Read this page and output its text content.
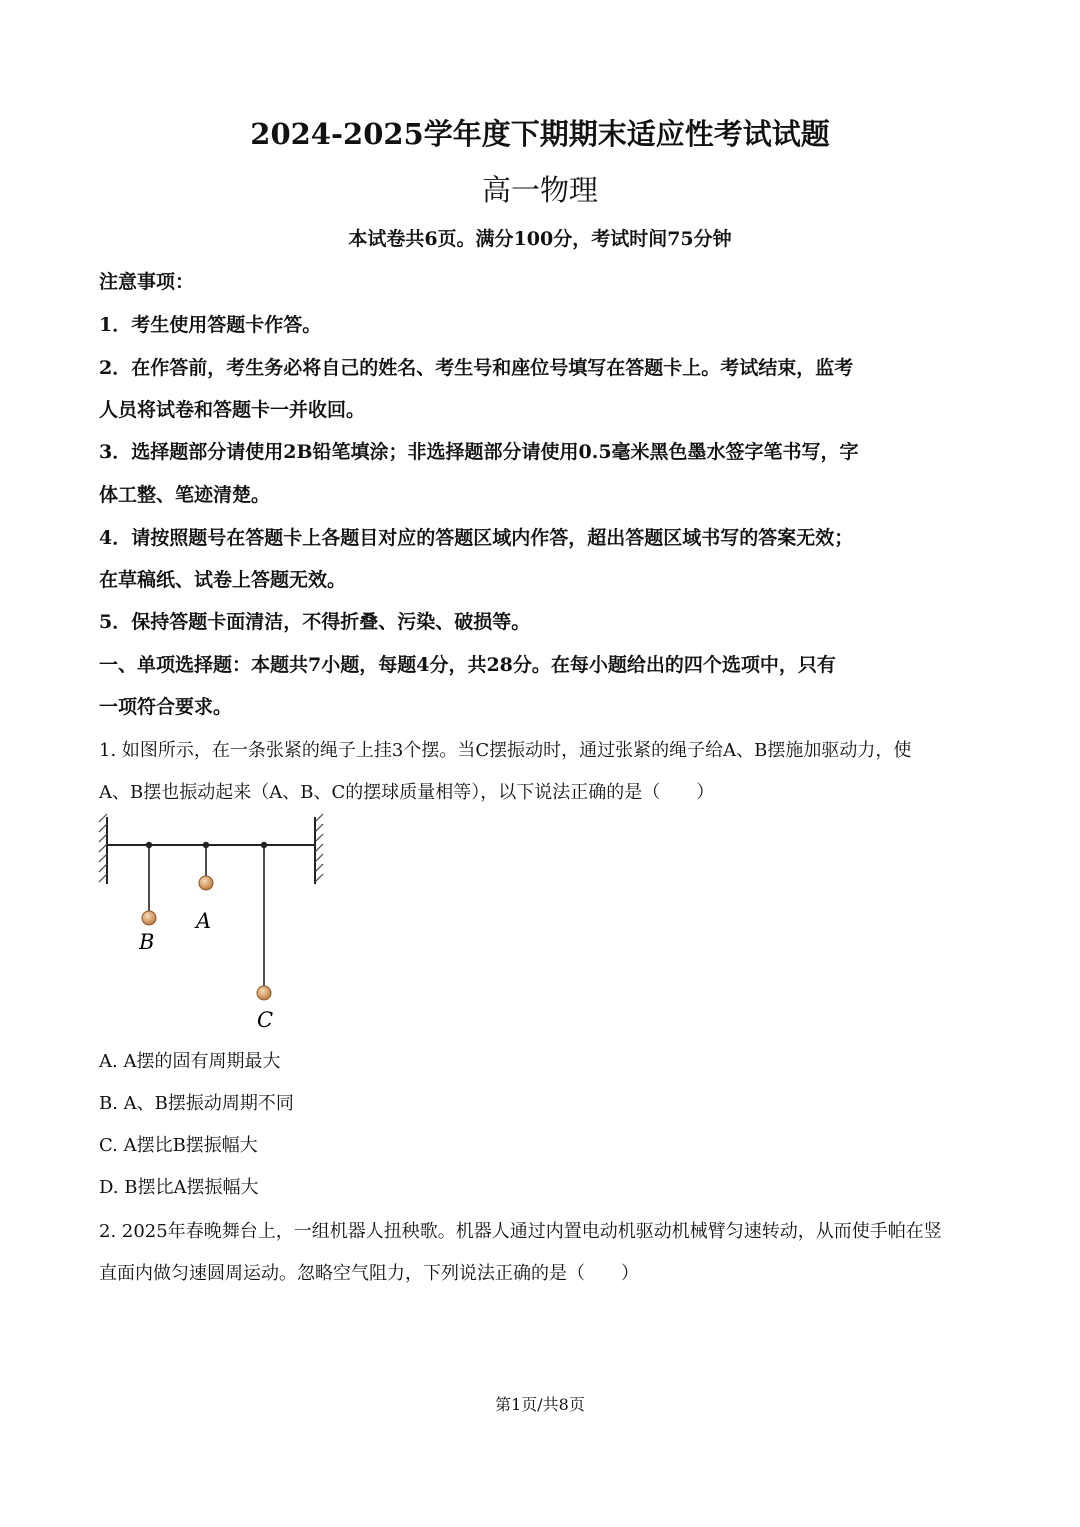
2024-2025学年度下期期末适应性考试试题
高一物理
本试卷共6页。满分100分，考试时间75分钟
注意事项：
1．考生使用答题卡作答。
2．在作答前，考生务必将自己的姓名、考生号和座位号填写在答题卡上。考试结束，监考
人员将试卷和答题卡一并收回。
3．选择题部分请使用2B铅笔填涂；非选择题部分请使用0.5毫米黑色墨水签字笔书写，字
体工整、笔迹清楚。
4．请按照题号在答题卡上各题目对应的答题区域内作答，超出答题区域书写的答案无效；
在草稿纸、试卷上答题无效。
5．保持答题卡面清洁，不得折叠、污染、破损等。
一、单项选择题：本题共7小题，每题4分，共28分。在每小题给出的四个选项中，只有
一项符合要求。
1. 如图所示，在一条张紧的绳子上挂3个摆。当C摆振动时，通过张紧的绳子给A、B摆施加驱动力，使
A、B摆也振动起来（A、B、C的摆球质量相等），以下说法正确的是（　　）
B
A
C
A. A摆的固有周期最大
B. A、B摆振动周期不同
C. A摆比B摆振幅大
D. B摆比A摆振幅大
2. 2025年春晚舞台上，一组机器人扭秧歌。机器人通过内置电动机驱动机械臂匀速转动，从而使手帕在竖
直面内做匀速圆周运动。忽略空气阻力，下列说法正确的是（　　）
第1页/共8页
